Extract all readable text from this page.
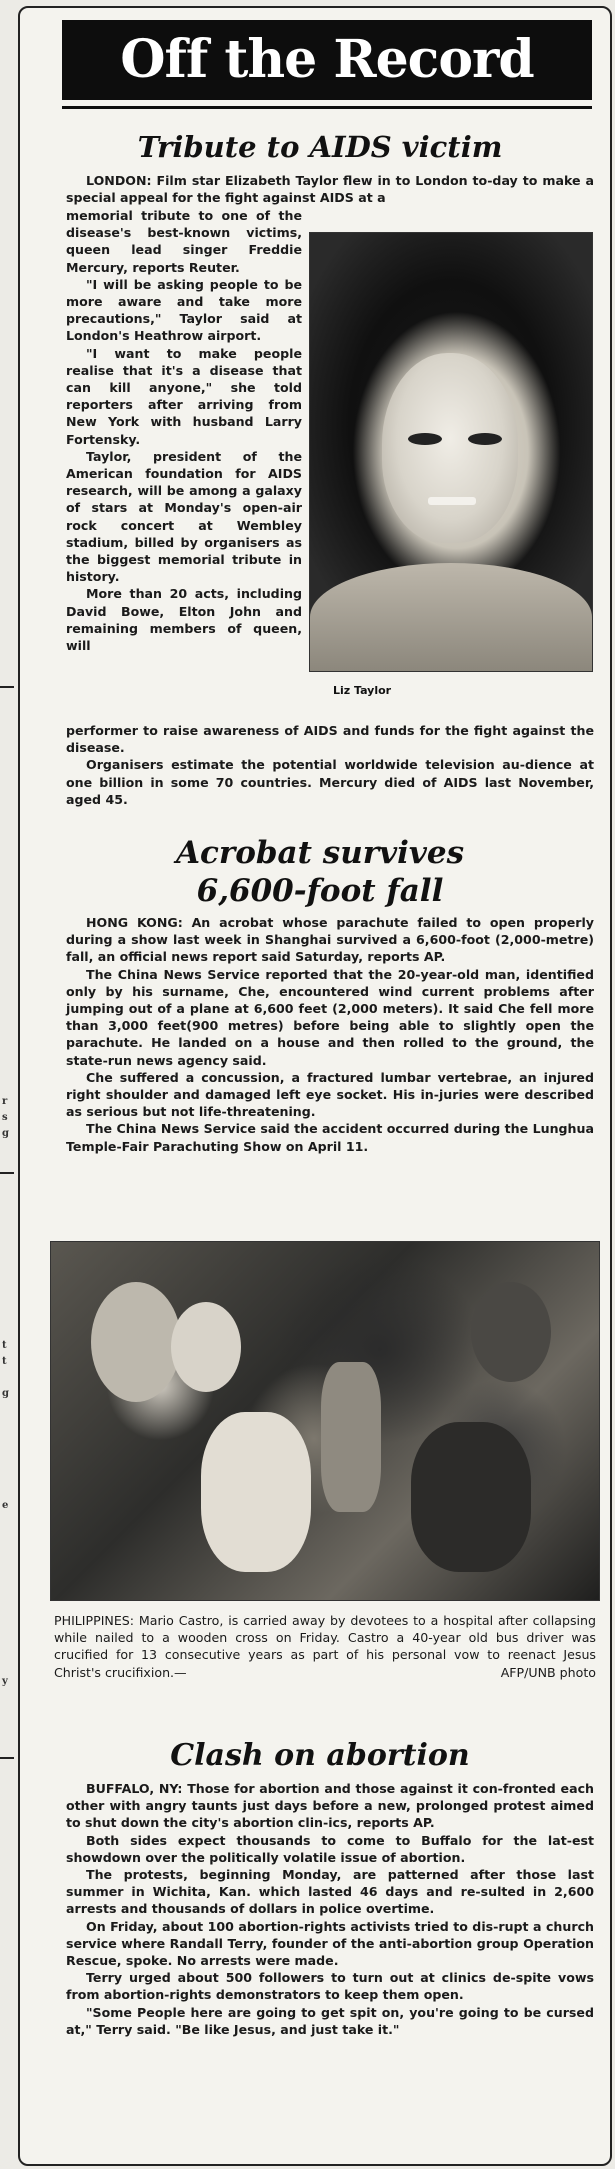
r
s
g
t
t
g
e
y
Off the Record
Tribute to AIDS victim

LONDON: Film star Elizabeth Taylor flew in to London to-day to make a special appeal for the fight against AIDS at a

memorial tribute to one of the disease's best-known victims, queen lead singer Freddie Mercury, reports Reuter.

"I will be asking people to be more aware and take more precautions," Taylor said at London's Heathrow airport.

"I want to make people realise that it's a disease that can kill anyone," she told reporters after arriving from New York with husband Larry Fortensky.

Taylor, president of the American foundation for AIDS research, will be among a galaxy of stars at Monday's open-air rock concert at Wembley stadium, billed by organisers as the biggest memorial tribute in history.

More than 20 acts, including David Bowe, Elton John and remaining members of queen, will

Liz Taylor

performer to raise awareness of AIDS and funds for the fight against the disease.

Organisers estimate the potential worldwide television au-dience at one billion in some 70 countries. Mercury died of AIDS last November, aged 45.

Acrobat survives
6,600-foot fall

HONG KONG: An acrobat whose parachute failed to open properly during a show last week in Shanghai survived a 6,600-foot (2,000-metre) fall, an official news report said Saturday, reports AP.

The China News Service reported that the 20-year-old man, identified only by his surname, Che, encountered wind current problems after jumping out of a plane at 6,600 feet (2,000 meters). It said Che fell more than 3,000 feet(900 metres) before being able to slightly open the parachute. He landed on a house and then rolled to the ground, the state-run news agency said.

Che suffered a concussion, a fractured lumbar vertebrae, an injured right shoulder and damaged left eye socket. His in-juries were described as serious but not life-threatening.

The China News Service said the accident occurred during the Lunghua Temple-Fair Parachuting Show on April 11.

PHILIPPINES: Mario Castro, is carried away by devotees to a hospital after collapsing while nailed to a wooden cross on Friday. Castro a 40-year old bus driver was crucified for 13 consecutive years as part of his personal vow to reenact Jesus Christ's crucifixion.—	AFP/UNB photo

Clash on abortion

BUFFALO, NY: Those for abortion and those against it con-fronted each other with angry taunts just days before a new, prolonged protest aimed to shut down the city's abortion clin-ics, reports AP.

Both sides expect thousands to come to Buffalo for the lat-est showdown over the politically volatile issue of abortion.

The protests, beginning Monday, are patterned after those last summer in Wichita, Kan. which lasted 46 days and re-sulted in 2,600 arrests and thousands of dollars in police overtime.

On Friday, about 100 abortion-rights activists tried to dis-rupt a church service where Randall Terry, founder of the anti-abortion group Operation Rescue, spoke. No arrests were made.

Terry urged about 500 followers to turn out at clinics de-spite vows from abortion-rights demonstrators to keep them open.

"Some People here are going to get spit on, you're going to be cursed at," Terry said. "Be like Jesus, and just take it."
